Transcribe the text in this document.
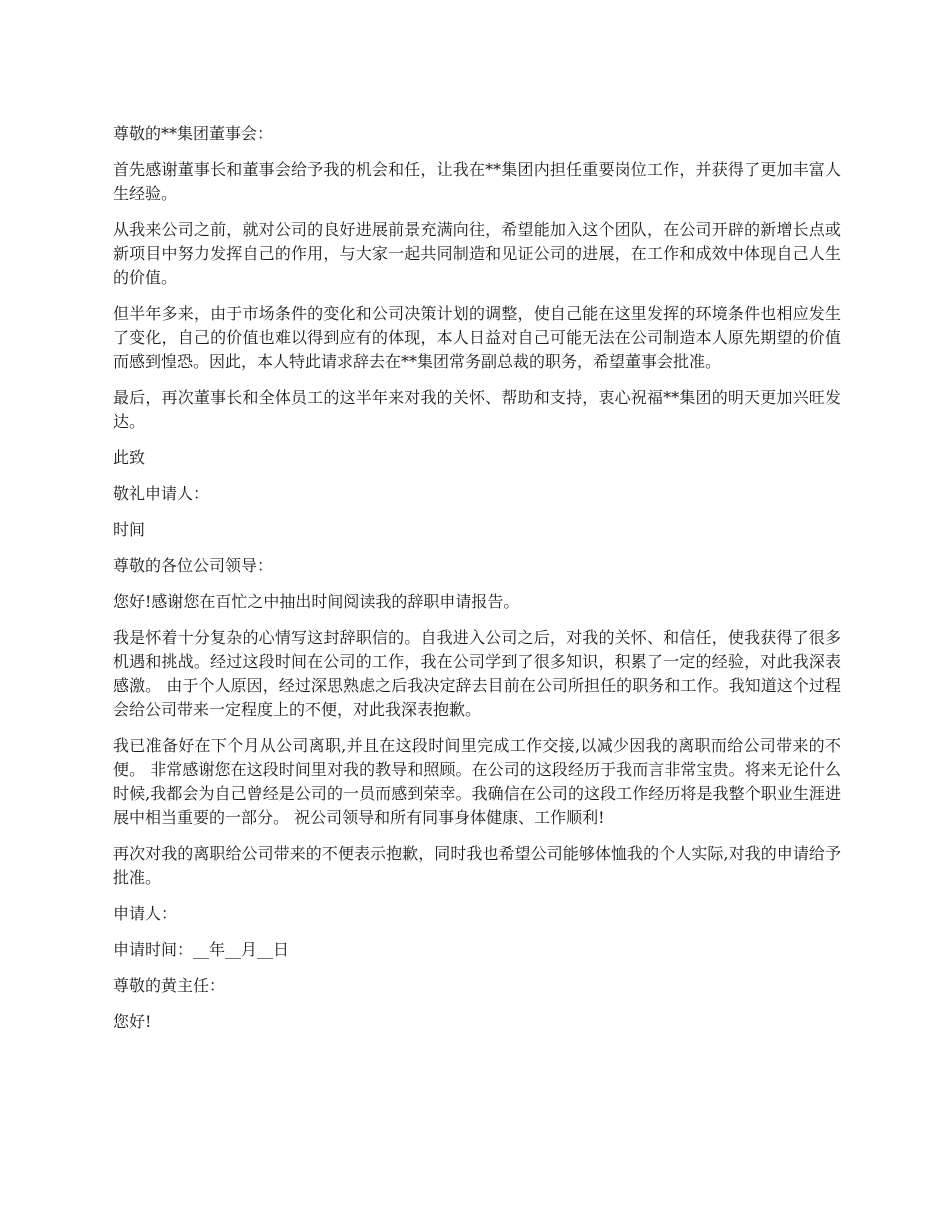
尊敬的**集团董事会：

首先感谢董事长和董事会给予我的机会和任，让我在**集团内担任重要岗位工作，并获得了更加丰富人生经验。

从我来公司之前，就对公司的良好进展前景充满向往，希望能加入这个团队，在公司开辟的新增长点或新项目中努力发挥自己的作用，与大家一起共同制造和见证公司的进展，在工作和成效中体现自己人生的价值。

但半年多来，由于市场条件的变化和公司决策计划的调整，使自己能在这里发挥的环境条件也相应发生了变化，自己的价值也难以得到应有的体现，本人日益对自己可能无法在公司制造本人原先期望的价值而感到惶恐。因此，本人特此请求辞去在**集团常务副总裁的职务，希望董事会批准。

最后，再次董事长和全体员工的这半年来对我的关怀、帮助和支持，衷心祝福**集团的明天更加兴旺发达。

此致

敬礼申请人：

时间

尊敬的各位公司领导：

您好!感谢您在百忙之中抽出时间阅读我的辞职申请报告。

我是怀着十分复杂的心情写这封辞职信的。自我进入公司之后，对我的关怀、和信任，使我获得了很多机遇和挑战。经过这段时间在公司的工作，我在公司学到了很多知识，积累了一定的经验，对此我深表感激。 由于个人原因，经过深思熟虑之后我决定辞去目前在公司所担任的职务和工作。我知道这个过程会给公司带来一定程度上的不便，对此我深表抱歉。

我已准备好在下个月从公司离职,并且在这段时间里完成工作交接,以减少因我的离职而给公司带来的不便。 非常感谢您在这段时间里对我的教导和照顾。在公司的这段经历于我而言非常宝贵。将来无论什么时候,我都会为自己曾经是公司的一员而感到荣幸。我确信在公司的这段工作经历将是我整个职业生涯进展中相当重要的一部分。 祝公司领导和所有同事身体健康、工作顺利!

再次对我的离职给公司带来的不便表示抱歉，同时我也希望公司能够体恤我的个人实际,对我的申请给予批准。

申请人：

申请时间：__年__月__日

尊敬的黄主任：

您好!
